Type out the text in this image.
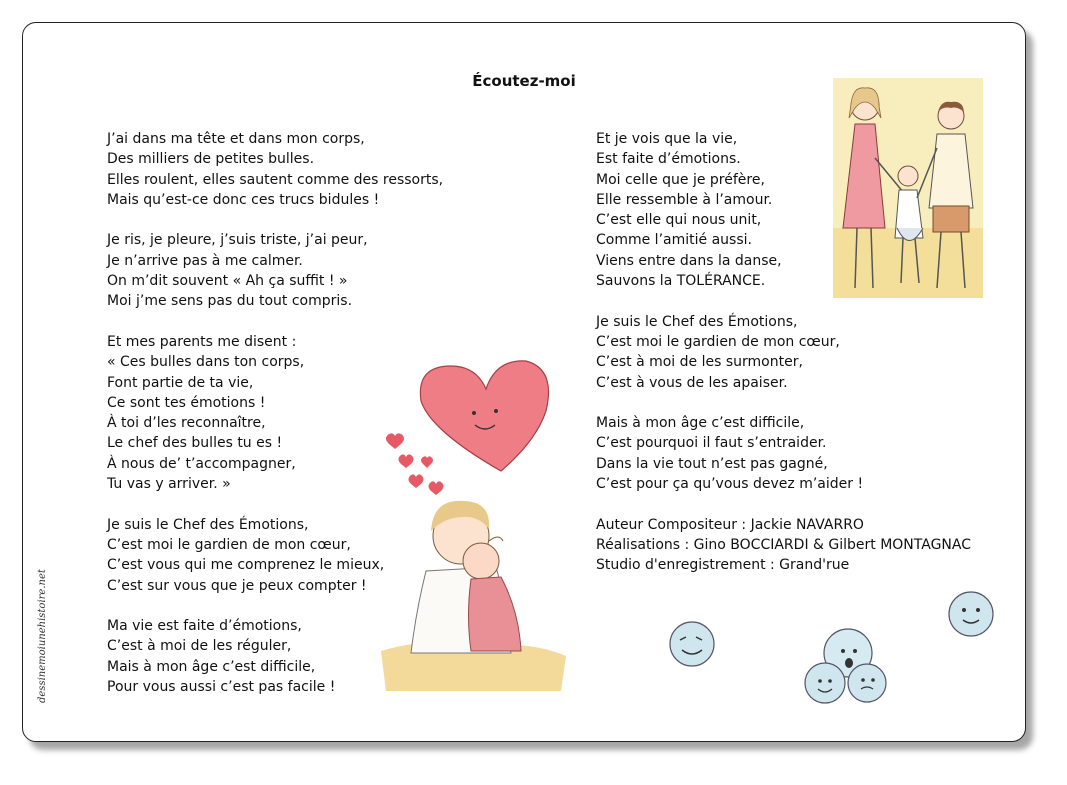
Écoutez-moi
J’ai dans ma tête et dans mon corps,
Des milliers de petites bulles.
Elles roulent, elles sautent comme des ressorts,
Mais qu’est-ce donc ces trucs bidules !
Je ris, je pleure, j’suis triste, j’ai peur,
Je n’arrive pas à me calmer.
On m’dit souvent « Ah ça suffit ! »
Moi j’me sens pas du tout compris.
Et mes parents me disent :
« Ces bulles dans ton corps,
Font partie de ta vie,
Ce sont tes émotions !
À toi d’les reconnaître,
Le chef des bulles tu es !
À nous de’ t’accompagner,
Tu vas y arriver. »
Je suis le Chef des Émotions,
C’est moi le gardien de mon cœur,
C’est vous qui me comprenez le mieux,
C’est sur vous que je peux compter !
Ma vie est faite d’émotions,
C’est à moi de les réguler,
Mais à mon âge c’est difficile,
Pour vous aussi c’est pas facile !
Et je vois que la vie,
Est faite d’émotions.
Moi celle que je préfère,
Elle ressemble à l’amour.
C’est elle qui nous unit,
Comme l’amitié aussi.
Viens entre dans la danse,
Sauvons la TOLÉRANCE.
Je suis le Chef des Émotions,
C’est moi le gardien de mon cœur,
C’est à moi de les surmonter,
C’est à vous de les apaiser.
Mais à mon âge c’est difficile,
C’est pourquoi il faut s’entraider.
Dans la vie tout n’est pas gagné,
C’est pour ça qu’vous devez m’aider !
Auteur Compositeur : Jackie NAVARRO
Réalisations : Gino BOCCIARDI & Gilbert MONTAGNAC
Studio d'enregistrement : Grand'rue
dessinemoiunehistoire.net
